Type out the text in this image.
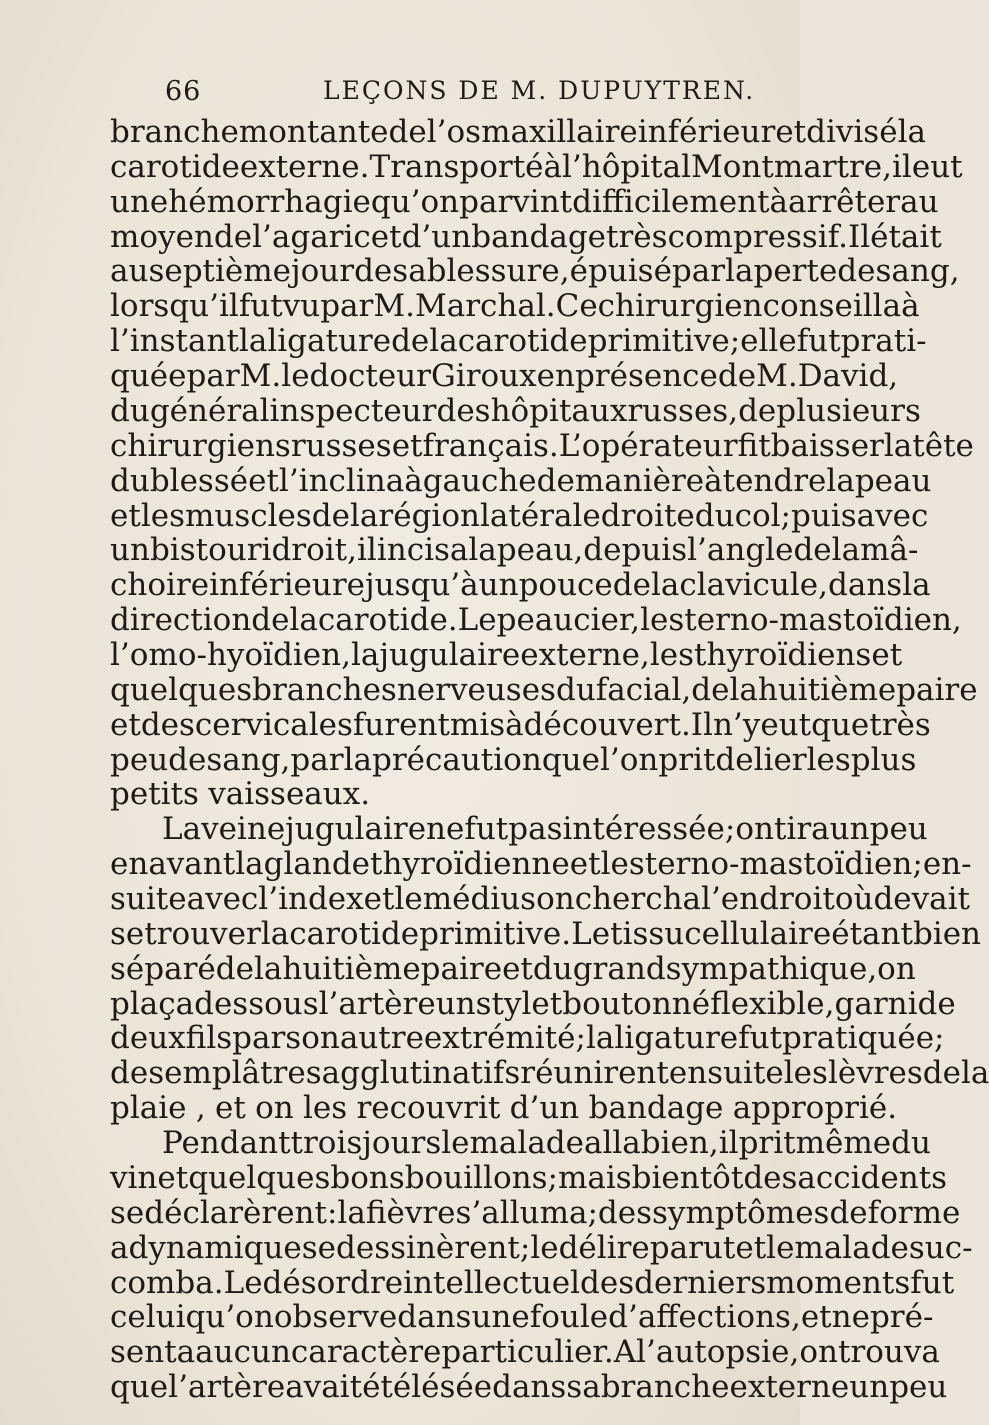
66	LEÇONS DE M. DUPUYTREN.
branche montante de l’os maxillaire inférieur et divisé la
carotide externe. Transporté à l’hôpital Montmartre , il eut
une hémorrhagie qu’on parvint difficilement à arrêter au
moyen de l’agaric et d’un bandage très compressif. Il était
au septième jour de sa blessure , épuisé par la perte de sang,
lorsqu’il fut vu par M. Marchal. Ce chirurgien conseilla à
l’instant la ligature de la carotide primitive; elle fut prati-
quée par M. le docteur Giroux en présence de M. David,
du général inspecteur des hôpitaux russes, de plusieurs
chirurgiens russes et français. L’opérateur fit baisser la tête
du blessé et l’inclina à gauche de manière à tendre la peau
et les muscles de la région latérale droite du col; puis avec
un bistouri droit , il incisa la peau , depuis l’angle de la mâ-
choire inférieure jusqu’à un pouce de la clavicule , dans la
direction de la carotide. Le peaucier, le sterno-mastoïdien,
l’omo-hyoïdien, la jugulaire externe, les thyroïdiens et
quelques branches nerveuses du facial, de la huitième paire
et des cervicales furent mis à découvert. Il n’y eut que très
peu de sang, par la précaution que l’on prit de lier les plus
petits vaisseaux.
La veine jugulaire ne fut pas intéressée ; on tira un peu
en avant la glande thyroïdienne et le sterno-mastoïdien ; en-
suite avec l’index et le médius on chercha l’endroit où devait
se trouver la carotide primitive. Le tissu cellulaire étant bien
séparé de la huitième paire et du grand sympathique , on
plaça dessous l’artère un stylet boutonné flexible , garni de
deux fils par son autre extrémité ; la ligature fut pratiquée ;
des emplâtres agglutinatifs réunirent ensuite les lèvres de la
plaie , et on les recouvrit d’un bandage approprié.
Pendant trois jours le malade alla bien, il prit même du
vin et quelques bons bouillons; mais bientôt des accidents
se déclarèrent : la fièvre s’alluma; des symptômes de forme
adynamique se dessinèrent ; le délire parut et le malade suc-
comba. Le désordre intellectuel des derniers moments fut
celui qu’on observe dans une foule d’affections, et ne pré-
senta aucun caractère particulier. A l’autopsie, on trouva
que l’artère avait été lésée dans sa branche externe un peu
